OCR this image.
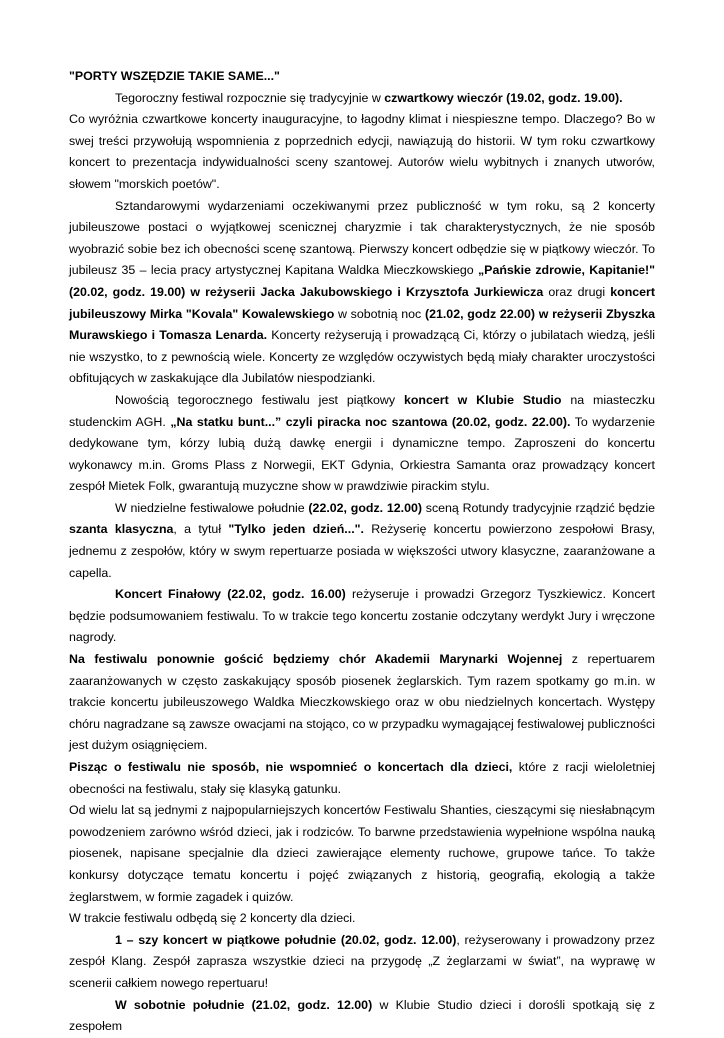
"PORTY WSZĘDZIE TAKIE SAME..."

Tegoroczny festiwal rozpocznie się tradycyjnie w czwartkowy wieczór (19.02, godz. 19.00).

Co wyróżnia czwartkowe koncerty inauguracyjne, to łagodny klimat i niespieszne tempo. Dlaczego? Bo w swej treści przywołują wspomnienia z poprzednich edycji, nawiązują do historii. W tym roku czwartkowy koncert to prezentacja indywidualności sceny szantowej. Autorów wielu wybitnych i znanych utworów, słowem "morskich poetów".

Sztandarowymi wydarzeniami oczekiwanymi przez publiczność w tym roku, są 2 koncerty jubileuszowe postaci o wyjątkowej scenicznej charyzmie i tak charakterystycznych, że nie sposób wyobrazić sobie bez ich obecności scenę szantową. Pierwszy koncert odbędzie się w piątkowy wieczór. To jubileusz 35 – lecia pracy artystycznej Kapitana Waldka Mieczkowskiego „Pańskie zdrowie, Kapitanie!" (20.02, godz. 19.00) w reżyserii Jacka Jakubowskiego i Krzysztofa Jurkiewicza oraz drugi koncert jubileuszowy Mirka "Kovala" Kowalewskiego w sobotnią noc (21.02, godz 22.00) w reżyserii Zbyszka Murawskiego i Tomasza Lenarda. Koncerty reżyserują i prowadzącą Ci, którzy o jubilatach wiedzą, jeśli nie wszystko, to z pewnością wiele. Koncerty ze względów oczywistych będą miały charakter uroczystości obfitujących w zaskakujące dla Jubilatów niespodzianki.

Nowością tegorocznego festiwalu jest piątkowy koncert w Klubie Studio na miasteczku studenckim AGH. „Na statku bunt...” czyli piracka noc szantowa (20.02, godz. 22.00). To wydarzenie dedykowane tym, kórzy lubią dużą dawkę energii i dynamiczne tempo. Zaproszeni do koncertu wykonawcy m.in. Groms Plass z Norwegii, EKT Gdynia, Orkiestra Samanta oraz prowadzący koncert zespół Mietek Folk, gwarantują muzyczne show w prawdziwie pirackim stylu.

W niedzielne festiwalowe południe (22.02, godz. 12.00) sceną Rotundy tradycyjnie rządzić będzie szanta klasyczna, a tytuł "Tylko jeden dzień...". Reżyserię koncertu powierzono zespołowi Brasy, jednemu z zespołów, który w swym repertuarze posiada w większości utwory klasyczne, zaaranżowane a capella.

Koncert Finałowy (22.02, godz. 16.00) reżyseruje i prowadzi Grzegorz Tyszkiewicz. Koncert będzie podsumowaniem festiwalu. To w trakcie tego koncertu zostanie odczytany werdykt Jury i wręczone nagrody.

Na festiwalu ponownie gościć będziemy chór Akademii Marynarki Wojennej z repertuarem zaaranżowanych w często zaskakujący sposób piosenek żeglarskich. Tym razem spotkamy go m.in. w trakcie koncertu jubileuszowego Waldka Mieczkowskiego oraz w obu niedzielnych koncertach. Występy chóru nagradzane są zawsze owacjami na stojąco, co w przypadku wymagającej festiwalowej publiczności jest dużym osiągnięciem.

Pisząc o festiwalu nie sposób, nie wspomnieć o koncertach dla dzieci, które z racji wieloletniej obecności na festiwalu, stały się klasyką gatunku.

Od wielu lat są jednymi z najpopularniejszych koncertów Festiwalu Shanties, cieszącymi się niesłabnącym powodzeniem zarówno wśród dzieci, jak i rodziców. To barwne przedstawienia wypełnione wspólna nauką piosenek, napisane specjalnie dla dzieci zawierające elementy ruchowe, grupowe tańce. To także konkursy dotyczące tematu koncertu i pojęć związanych z historią, geografią, ekologią a także żeglarstwem, w formie zagadek i quizów.

W trakcie festiwalu odbędą się 2 koncerty dla dzieci.

1 – szy koncert w piątkowe południe (20.02, godz. 12.00), reżyserowany i prowadzony przez zespół Klang. Zespół zaprasza wszystkie dzieci na przygodę „Z żeglarzami w świat”, na wyprawę w scenerii całkiem nowego repertuaru!

W sobotnie południe (21.02, godz. 12.00) w Klubie Studio dzieci i dorośli spotkają się z zespołem
